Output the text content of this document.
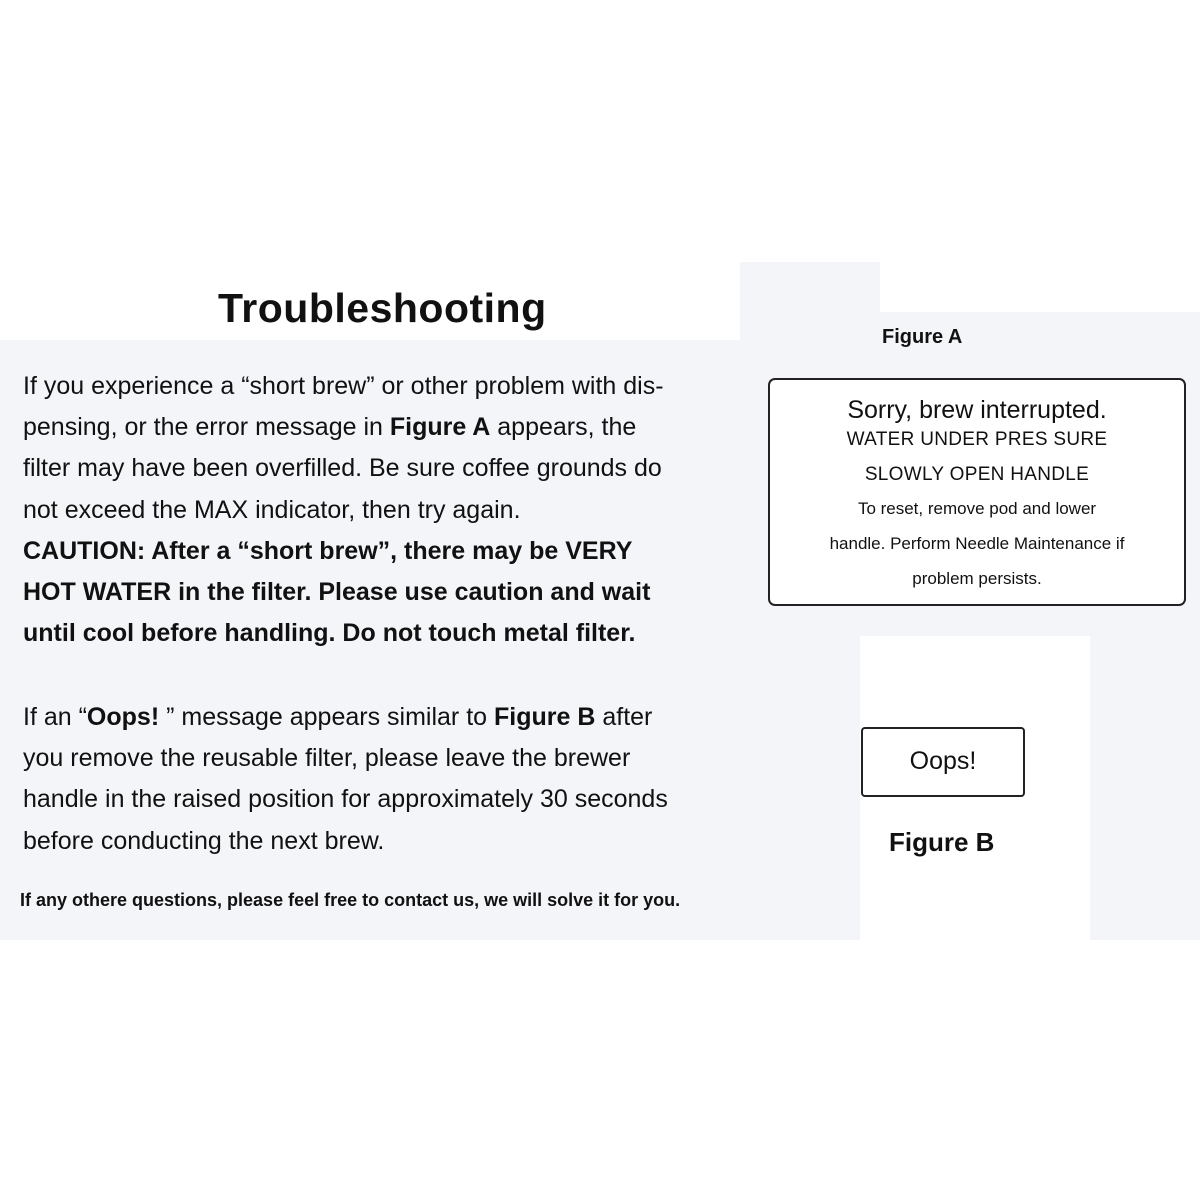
Troubleshooting
If you experience a “short brew” or other problem with dis-
pensing, or the error message in Figure A appears, the
filter may have been overfilled. Be sure coffee grounds do
not exceed the MAX indicator, then try again.
CAUTION: After a “short brew”, there may be VERY
HOT WATER in the filter. Please use caution and wait
until cool before handling. Do not touch metal filter.
If an “Oops! ” message appears similar to Figure B after
you remove the reusable filter, please leave the brewer
handle in the raised position for approximately 30 seconds
before conducting the next brew.
If any othere questions, please feel free to contact us, we will solve it for you.
Figure A
Sorry, brew interrupted.
WATER UNDER PRES SURE
SLOWLY OPEN HANDLE
To reset, remove pod and lower
handle. Perform Needle Maintenance if
problem persists.
Oops!
Figure B
